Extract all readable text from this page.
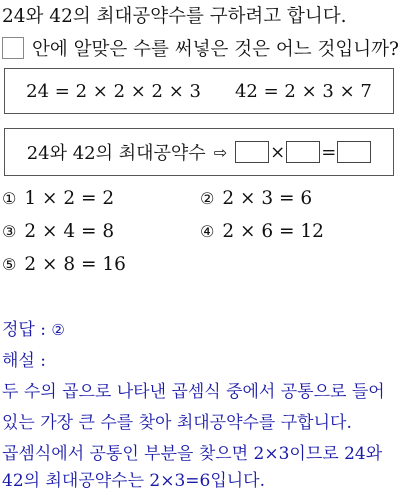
24와 42의 최대공약수를 구하려고 합니다.
안에 알맞은 수를 써넣은 것은 어느 것입니까?
24 = 2 × 2 × 2 × 3 42 = 2 × 3 × 7
24와 42의 최대공약수 ⇨ × =
① 1 × 2 = 2	② 2 × 3 = 6
③ 2 × 4 = 8	④ 2 × 6 = 12
⑤ 2 × 8 = 16
정답 : ②
해설 :
두 수의 곱으로 나타낸 곱셈식 중에서 공통으로 들어
있는 가장 큰 수를 찾아 최대공약수를 구합니다.
곱셈식에서 공통인 부분을 찾으면 2×3이므로 24와
42의 최대공약수는 2×3=6입니다.
